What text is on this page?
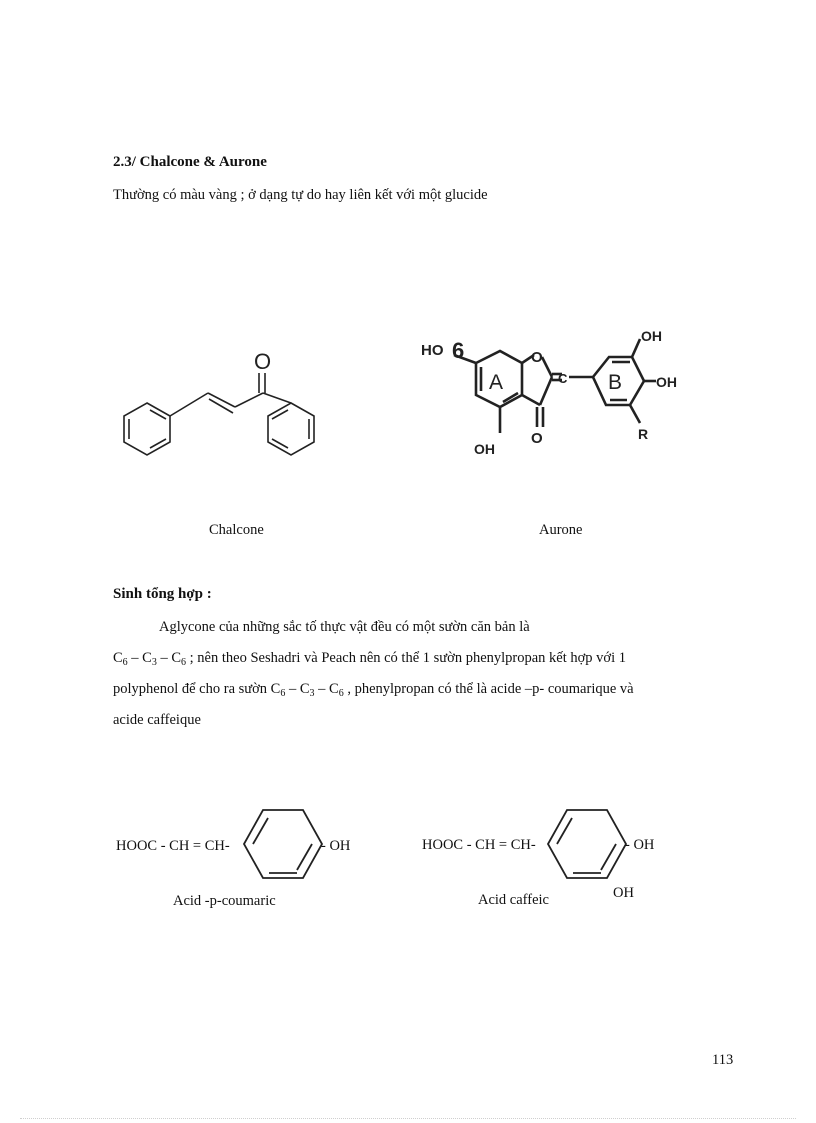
2.3/ Chalcone & Aurone
Thường có màu vàng ; ở dạng tự do hay liên kết với một glucide
O
Chalcone
HO 6	O
A	C B
OH
OH
OH
O	R
Aurone
Sinh tổng hợp :
Aglycone của những sắc tố thực vật đều có một sườn căn bản là
$C_6 - C_3 - C_6$ ; nên theo Seshadri và Peach nên có thể 1 sườn phenylpropan kết hợp với 1
polyphenol để cho ra sườn $C_6 - C_3 - C_6$ , phenylpropan có thể là acide –p- coumarique và
acide caffeique
HOOC - CH = CH-	- OH
Acid -p-coumaric
HOOC - CH = CH-	- OH
OH
Acid caffeic
113
